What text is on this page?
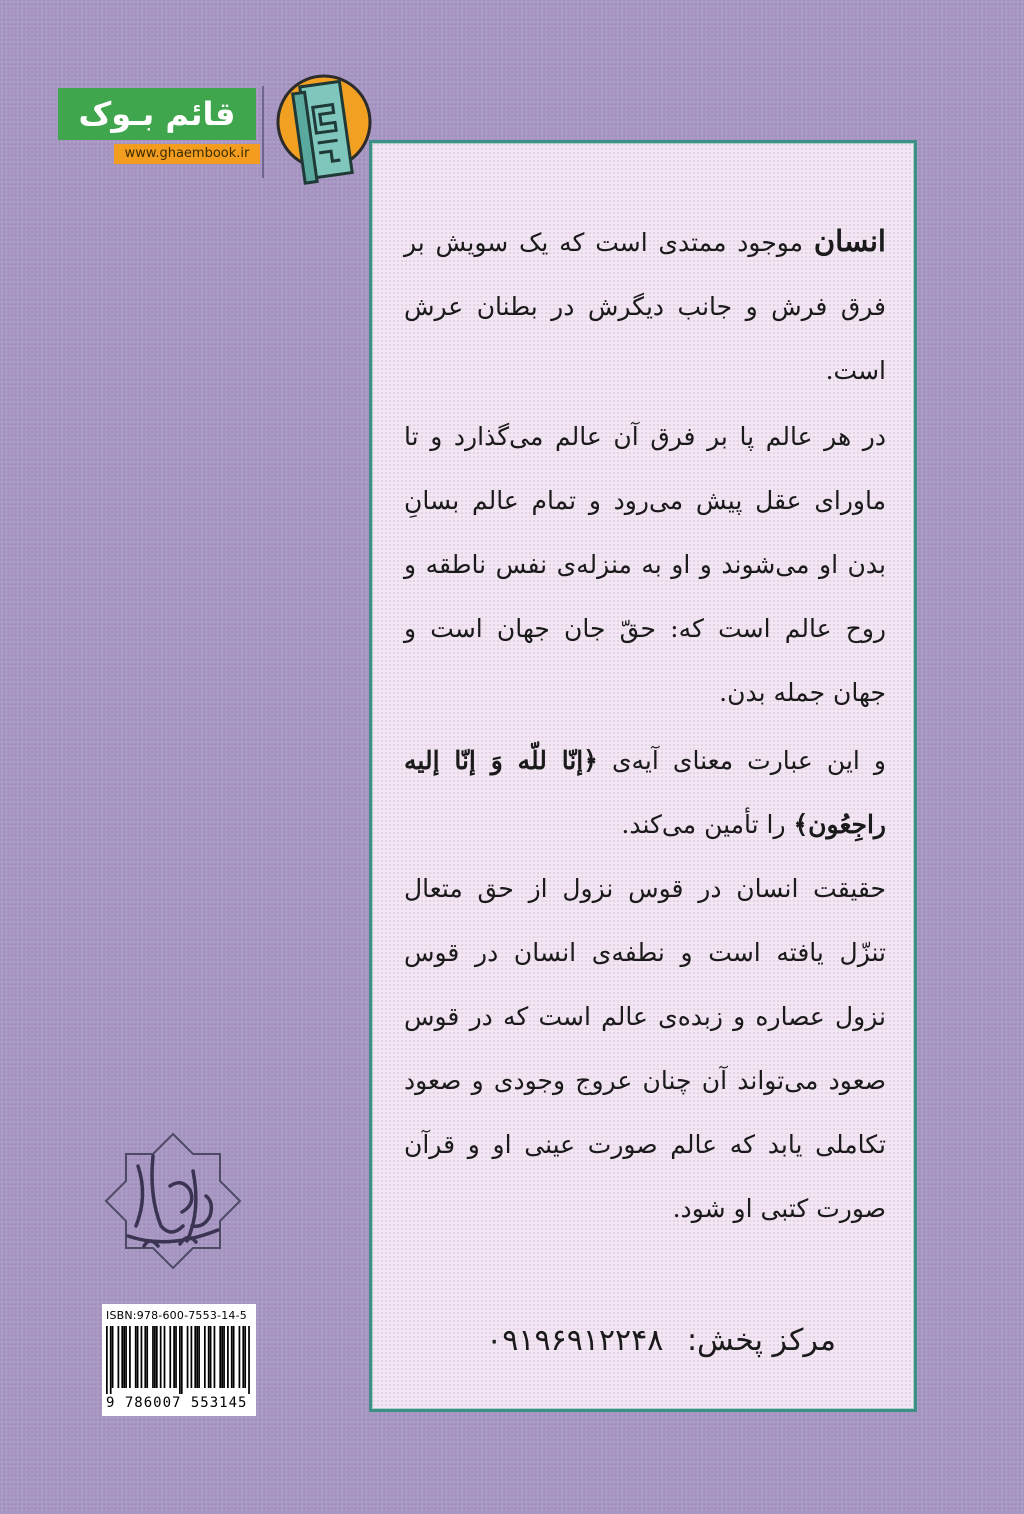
قائم بـوک
www.ghaembook.ir

انسان موجود ممتدی است که یک سویش بر فرق فرش و جانب دیگرش در بطنان عرش است.

در هر عالم پا بر فرق آن عالم می‌گذارد و تا ماورای عقل پیش می‌رود و تمام عالم بسانِ بدن او می‌شوند و او به منزله‌ی نفس ناطقه و روح عالم است که: حقّ جان جهان است و جهان جمله بدن.

و این عبارت معنای آیه‌ی ﴿إنّا للّه وَ إنّا إلیه راجِعُون﴾ را تأمین می‌کند.

حقیقت انسان در قوس نزول از حق متعال تنزّل یافته است و نطفه‌ی انسان در قوس نزول عصاره و زبده‌ی عالم است که در قوس صعود می‌تواند آن چنان عروج وجودی و صعود تکاملی یابد که عالم صورت عینی او و قرآن صورت کتبی او شود.

مرکز پخش: ۰۹۱۹۶۹۱۲۲۴۸
ISBN:978-600-7553-14-5
9 786007 553145
